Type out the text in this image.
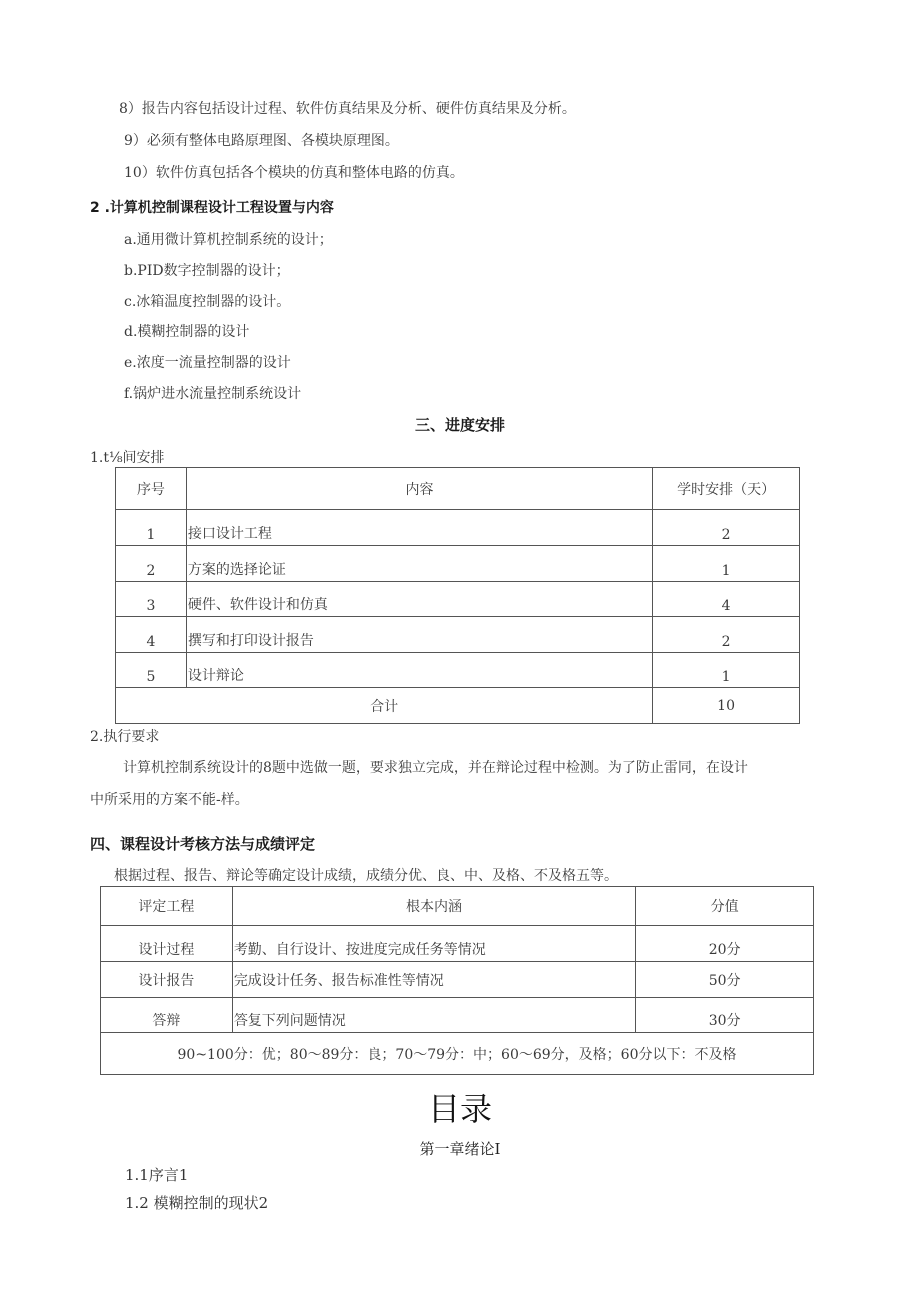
8）报告内容包括设计过程、软件仿真结果及分析、硬件仿真结果及分析。
9）必须有整体电路原理图、各模块原理图。
10）软件仿真包括各个模块的仿真和整体电路的仿真。
2 .计算机控制课程设计工程设置与内容
a.通用微计算机控制系统的设计；
b.PID数字控制器的设计；
c.冰箱温度控制器的设计。
d.模糊控制器的设计
e.浓度一流量控制器的设计
f.锅炉进水流量控制系统设计
三、进度安排
1.t⅛间安排
序号	内容	学时安排（天）
1	接口设计工程	2
2	方案的选择论证	1
3	硬件、软件设计和仿真	4
4	撰写和打印设计报告	2
5	设计辩论	1
合计		10
2.执行要求
计算机控制系统设计的8题中选做一题，要求独立完成，并在辩论过程中检测。为了防止雷同，在设计
中所采用的方案不能-样。
四、课程设计考核方法与成绩评定
根据过程、报告、辩论等确定设计成绩，成绩分优、良、中、及格、不及格五等。
评定工程	根本内涵	分值
设计过程	考勤、自行设计、按进度完成任务等情况	20分
设计报告	完成设计任务、报告标准性等情况	50分
答辩	答复下列问题情况	30分
90~100分：优；80～89分：良；70～79分：中；60～69分，及格；60分以下：不及格		
目录
第一章绪论I
1.1序言1
1.2 模糊控制的现状2
